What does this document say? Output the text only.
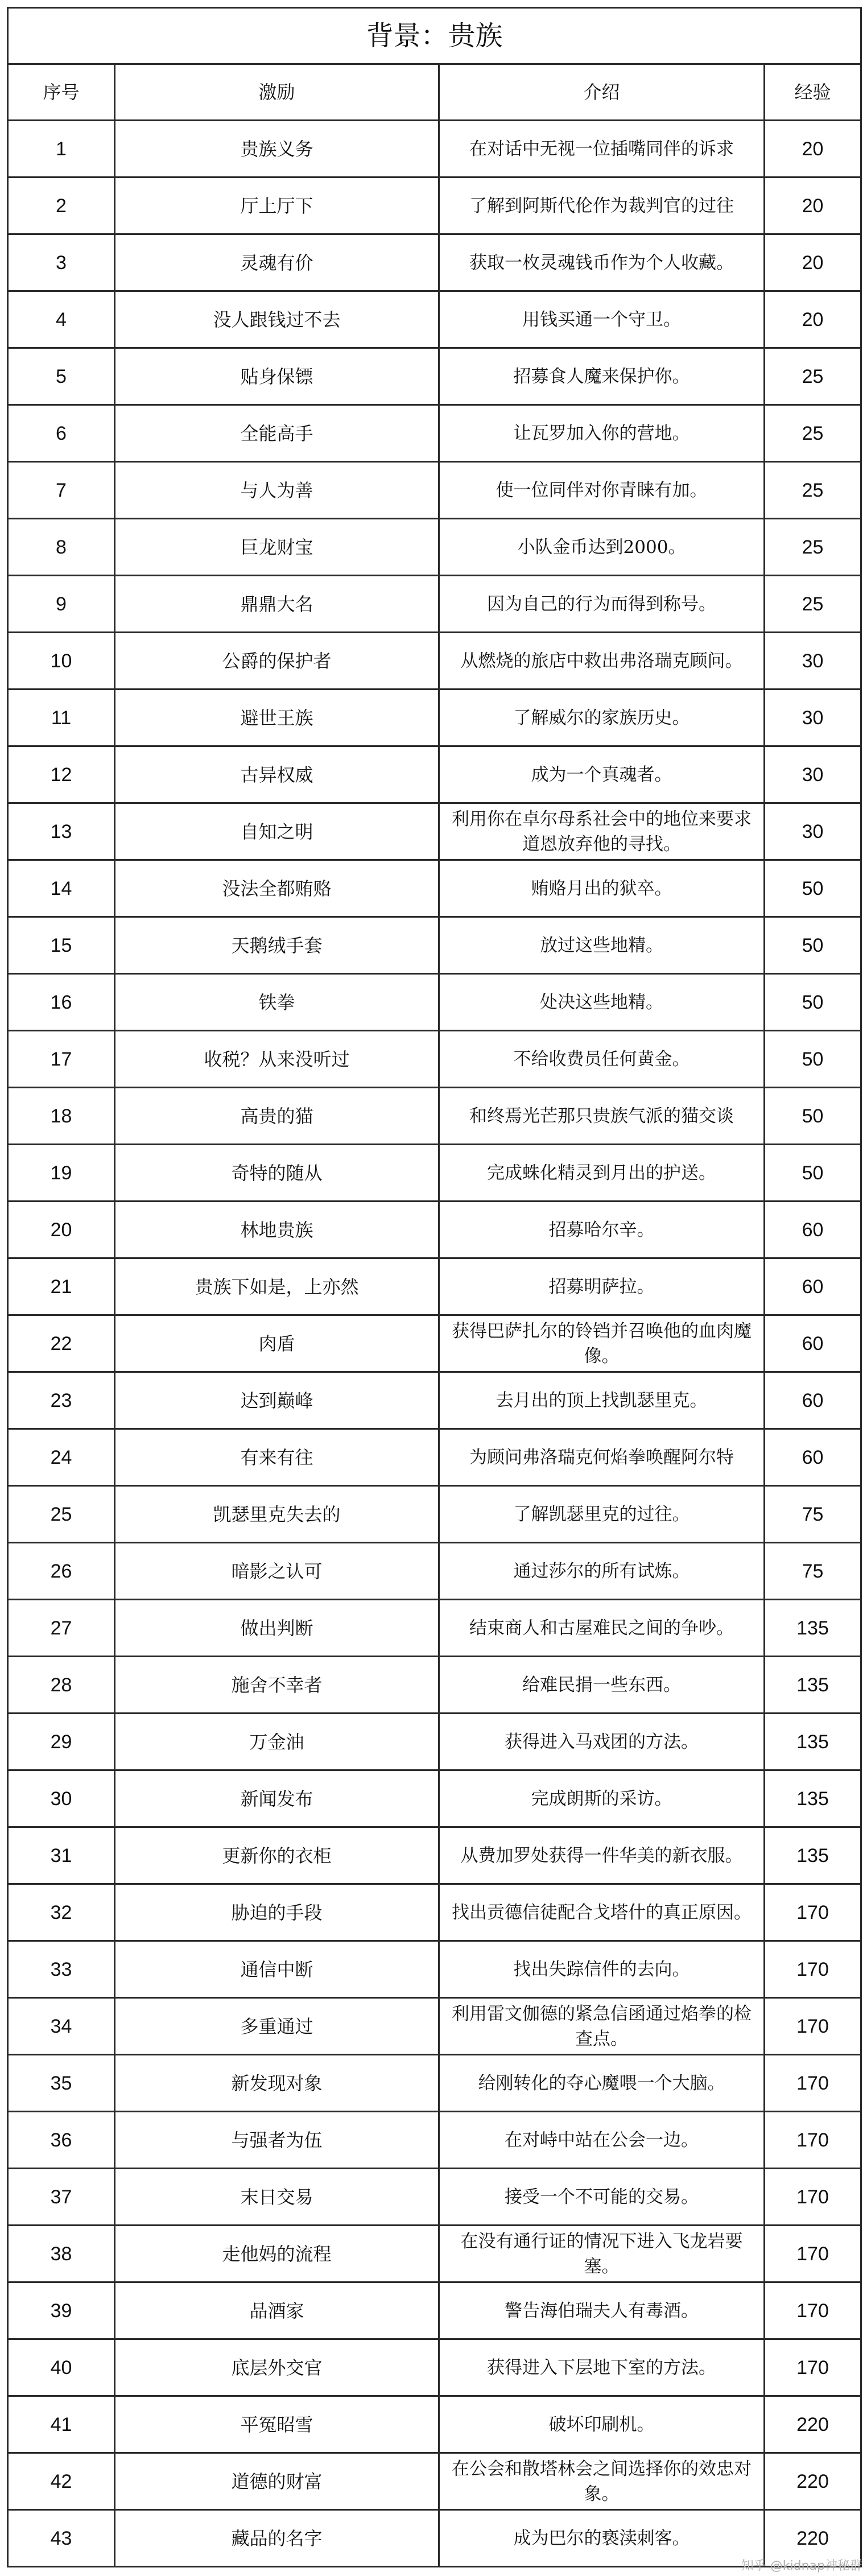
背景：贵族			
序号	激励	介绍	经验
1	贵族义务	在对话中无视一位插嘴同伴的诉求	20
2	厅上厅下	了解到阿斯代伦作为裁判官的过往	20
3	灵魂有价	获取一枚灵魂钱币作为个人收藏。	20
4	没人跟钱过不去	用钱买通一个守卫。	20
5	贴身保镖	招募食人魔来保护你。	25
6	全能高手	让瓦罗加入你的营地。	25
7	与人为善	使一位同伴对你青睐有加。	25
8	巨龙财宝	小队金币达到2000。	25
9	鼎鼎大名	因为自己的行为而得到称号。	25
10	公爵的保护者	从燃烧的旅店中救出弗洛瑞克顾问。	30
11	避世王族	了解威尔的家族历史。	30
12	古异权威	成为一个真魂者。	30
13	自知之明	利用你在卓尔母系社会中的地位来要求道恩放弃他的寻找。	30
14	没法全都贿赂	贿赂月出的狱卒。	50
15	天鹅绒手套	放过这些地精。	50
16	铁拳	处决这些地精。	50
17	收税？从来没听过	不给收费员任何黄金。	50
18	高贵的猫	和终焉光芒那只贵族气派的猫交谈	50
19	奇特的随从	完成蛛化精灵到月出的护送。	50
20	林地贵族	招募哈尔辛。	60
21	贵族下如是，上亦然	招募明萨拉。	60
22	肉盾	获得巴萨扎尔的铃铛并召唤他的血肉魔像。	60
23	达到巅峰	去月出的顶上找凯瑟里克。	60
24	有来有往	为顾问弗洛瑞克何焰拳唤醒阿尔特	60
25	凯瑟里克失去的	了解凯瑟里克的过往。	75
26	暗影之认可	通过莎尔的所有试炼。	75
27	做出判断	结束商人和古屋难民之间的争吵。	135
28	施舍不幸者	给难民捐一些东西。	135
29	万金油	获得进入马戏团的方法。	135
30	新闻发布	完成朗斯的采访。	135
31	更新你的衣柜	从费加罗处获得一件华美的新衣服。	135
32	胁迫的手段	找出贡德信徒配合戈塔什的真正原因。	170
33	通信中断	找出失踪信件的去向。	170
34	多重通过	利用雷文伽德的紧急信函通过焰拳的检查点。	170
35	新发现对象	给刚转化的夺心魔喂一个大脑。	170
36	与强者为伍	在对峙中站在公会一边。	170
37	末日交易	接受一个不可能的交易。	170
38	走他妈的流程	在没有通行证的情况下进入飞龙岩要塞。	170
39	品酒家	警告海伯瑞夫人有毒酒。	170
40	底层外交官	获得进入下层地下室的方法。	170
41	平冤昭雪	破坏印刷机。	220
42	道德的财富	在公会和散塔林会之间选择你的效忠对象。	220
43	藏品的名字	成为巴尔的亵渎刺客。	220
知乎 @kidnap神秘群
